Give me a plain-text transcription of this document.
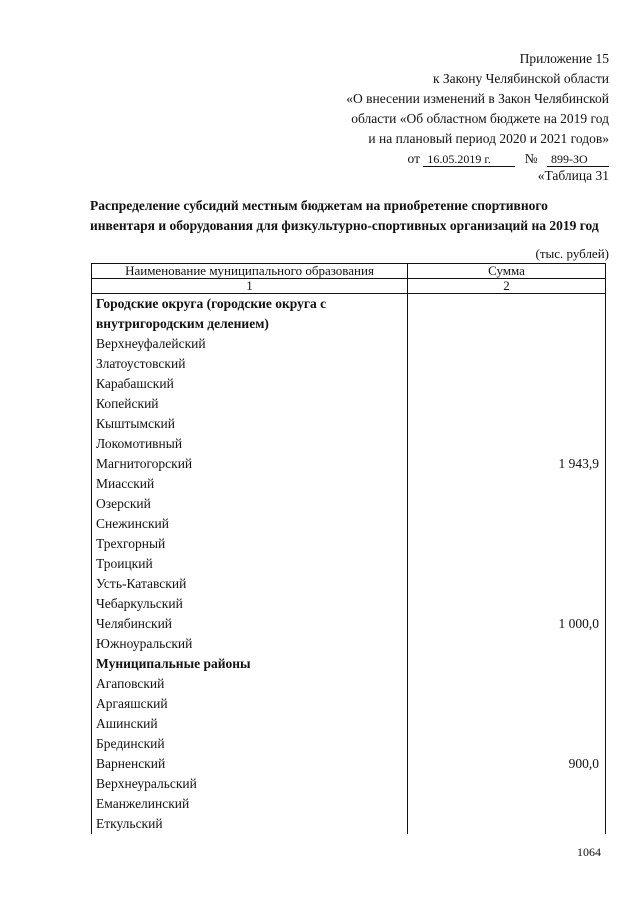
Приложение 15
к Закону Челябинской области
«О внесении изменений в Закон Челябинской
области «Об областном бюджете на 2019 год
и на плановый период 2020 и 2021 годов»
от 16.05.2019 г.	№ 899-ЗО
«Таблица 31
Распределение субсидий местным бюджетам на приобретение спортивного инвентаря и оборудования для физкультурно-спортивных организаций на 2019 год
(тыс. рублей)
Наименование муниципального образования	Сумма
1	2
Городские округа (городские округа с внутригородским делением)	
Верхнеуфалейский	
Златоустовский	
Карабашский	
Копейский	
Кыштымский	
Локомотивный	
Магнитогорский	1 943,9
Миасский	
Озерский	
Снежинский	
Трехгорный	
Троицкий	
Усть-Катавский	
Чебаркульский	
Челябинский	1 000,0
Южноуральский	
Муниципальные районы	
Агаповский	
Аргаяшский	
Ашинский	
Брединский	
Варненский	900,0
Верхнеуральский	
Еманжелинский	
Еткульский	
1064
